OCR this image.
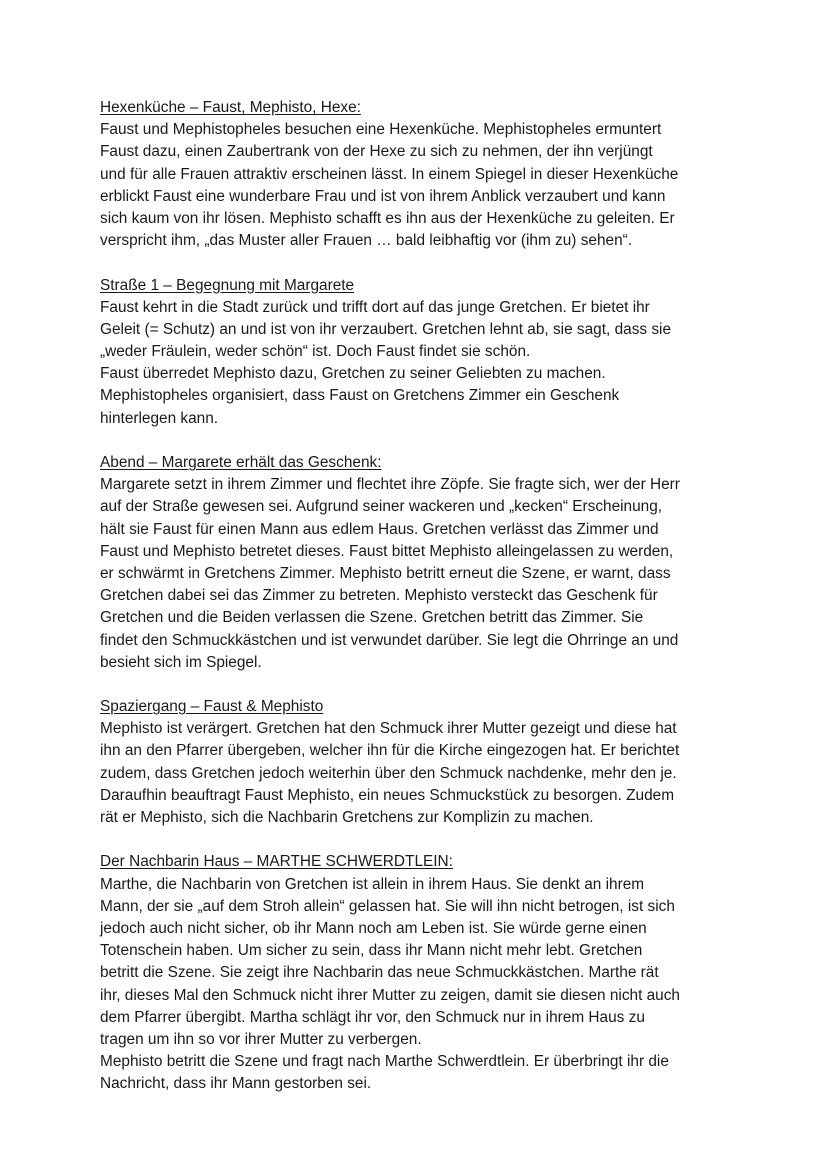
Hexenküche – Faust, Mephisto, Hexe:
Faust und Mephistopheles besuchen eine Hexenküche. Mephistopheles ermuntert
Faust dazu, einen Zaubertrank von der Hexe zu sich zu nehmen, der ihn verjüngt
und für alle Frauen attraktiv erscheinen lässt. In einem Spiegel in dieser Hexenküche
erblickt Faust eine wunderbare Frau und ist von ihrem Anblick verzaubert und kann
sich kaum von ihr lösen. Mephisto schafft es ihn aus der Hexenküche zu geleiten. Er
verspricht ihm, „das Muster aller Frauen … bald leibhaftig vor (ihm zu) sehen“.
Straße 1 – Begegnung mit Margarete
Faust kehrt in die Stadt zurück und trifft dort auf das junge Gretchen. Er bietet ihr
Geleit (= Schutz) an und ist von ihr verzaubert. Gretchen lehnt ab, sie sagt, dass sie
„weder Fräulein, weder schön“ ist. Doch Faust findet sie schön.
Faust überredet Mephisto dazu, Gretchen zu seiner Geliebten zu machen.
Mephistopheles organisiert, dass Faust on Gretchens Zimmer ein Geschenk
hinterlegen kann.
Abend – Margarete erhält das Geschenk:
Margarete setzt in ihrem Zimmer und flechtet ihre Zöpfe. Sie fragte sich, wer der Herr
auf der Straße gewesen sei. Aufgrund seiner wackeren und „kecken“ Erscheinung,
hält sie Faust für einen Mann aus edlem Haus. Gretchen verlässt das Zimmer und
Faust und Mephisto betretet dieses. Faust bittet Mephisto alleingelassen zu werden,
er schwärmt in Gretchens Zimmer. Mephisto betritt erneut die Szene, er warnt, dass
Gretchen dabei sei das Zimmer zu betreten. Mephisto versteckt das Geschenk für
Gretchen und die Beiden verlassen die Szene. Gretchen betritt das Zimmer. Sie
findet den Schmuckkästchen und ist verwundet darüber. Sie legt die Ohrringe an und
besieht sich im Spiegel.
Spaziergang – Faust & Mephisto
Mephisto ist verärgert. Gretchen hat den Schmuck ihrer Mutter gezeigt und diese hat
ihn an den Pfarrer übergeben, welcher ihn für die Kirche eingezogen hat. Er berichtet
zudem, dass Gretchen jedoch weiterhin über den Schmuck nachdenke, mehr den je.
Daraufhin beauftragt Faust Mephisto, ein neues Schmuckstück zu besorgen. Zudem
rät er Mephisto, sich die Nachbarin Gretchens zur Komplizin zu machen.
Der Nachbarin Haus – MARTHE SCHWERDTLEIN:
Marthe, die Nachbarin von Gretchen ist allein in ihrem Haus. Sie denkt an ihrem
Mann, der sie „auf dem Stroh allein“ gelassen hat. Sie will ihn nicht betrogen, ist sich
jedoch auch nicht sicher, ob ihr Mann noch am Leben ist. Sie würde gerne einen
Totenschein haben. Um sicher zu sein, dass ihr Mann nicht mehr lebt. Gretchen
betritt die Szene. Sie zeigt ihre Nachbarin das neue Schmuckkästchen. Marthe rät
ihr, dieses Mal den Schmuck nicht ihrer Mutter zu zeigen, damit sie diesen nicht auch
dem Pfarrer übergibt. Martha schlägt ihr vor, den Schmuck nur in ihrem Haus zu
tragen um ihn so vor ihrer Mutter zu verbergen.
Mephisto betritt die Szene und fragt nach Marthe Schwerdtlein. Er überbringt ihr die
Nachricht, dass ihr Mann gestorben sei.
